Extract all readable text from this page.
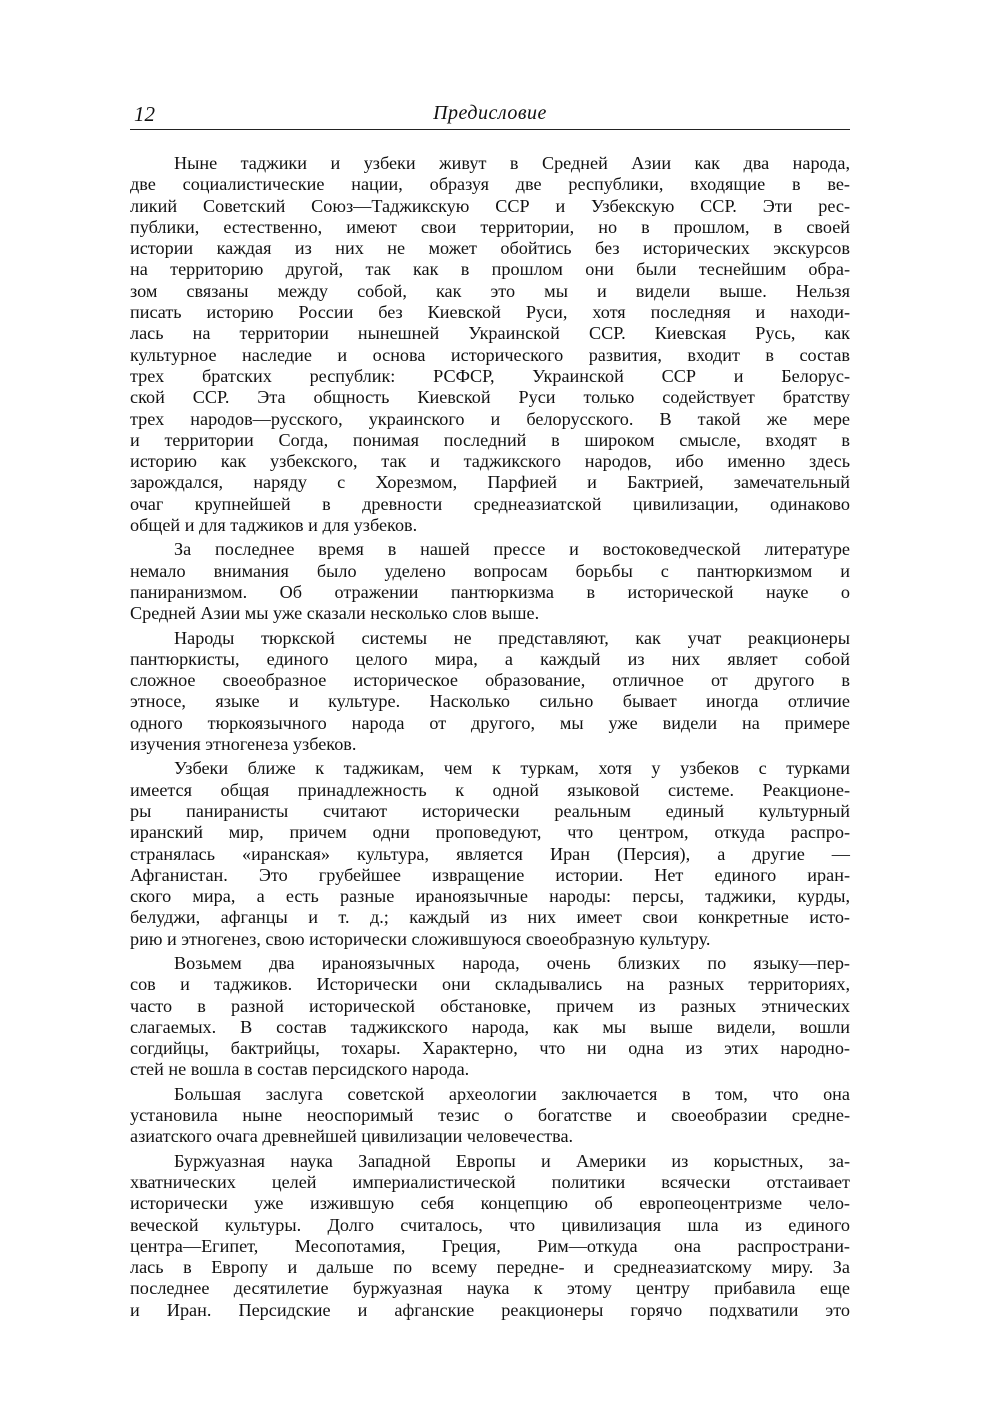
12	Предисловие
Ныне таджики и узбеки живут в Средней Азии как два народа,
две социалистические нации, образуя две республики, входящие в ве-
ликий Советский Союз—Таджикскую ССР и Узбекскую ССР. Эти рес-
публики, естественно, имеют свои территории, но в прошлом, в своей
истории каждая из них не может обойтись без исторических экскурсов
на территорию другой, так как в прошлом они были теснейшим обра-
зом связаны между собой, как это мы и видели выше. Нельзя
писать историю России без Киевской Руси, хотя последняя и находи-
лась на территории нынешней Украинской ССР. Киевская Русь, как
культурное наследие и основа исторического развития, входит в состав
трех братских республик: РСФСР, Украинской ССР и Белорус-
ской ССР. Эта общность Киевской Руси только содействует братству
трех народов—русского, украинского и белорусского. В такой же мере
и территории Согда, понимая последний в широком смысле, входят в
историю как узбекского, так и таджикского народов, ибо именно здесь
зарождался, наряду с Хорезмом, Парфией и Бактрией, замечательный
очаг крупнейшей в древности среднеазиатской цивилизации, одинаково
общей и для таджиков и для узбеков.
За последнее время в нашей прессе и востоковедческой литературе
немало внимания было уделено вопросам борьбы с пантюркизмом и
паниранизмом. Об отражении пантюркизма в исторической науке о
Средней Азии мы уже сказали несколько слов выше.
Народы тюркской системы не представляют, как учат реакционеры
пантюркисты, единого целого мира, а каждый из них являет собой
сложное своеобразное историческое образование, отличное от другого в
этносе, языке и культуре. Насколько сильно бывает иногда отличие
одного тюркоязычного народа от другого, мы уже видели на примере
изучения этногенеза узбеков.
Узбеки ближе к таджикам, чем к туркам, хотя у узбеков с турками
имеется общая принадлежность к одной языковой системе. Реакционе-
ры паниранисты считают исторически реальным единый культурный
иранский мир, причем одни проповедуют, что центром, откуда распро-
странялась «иранская» культура, является Иран (Персия), а другие —
Афганистан. Это грубейшее извращение истории. Нет единого иран-
ского мира, а есть разные ираноязычные народы: персы, таджики, курды,
белуджи, афганцы и т. д.; каждый из них имеет свои конкретные исто-
рию и этногенез, свою исторически сложившуюся своеобразную культуру.
Возьмем два ираноязычных народа, очень близких по языку—пер-
сов и таджиков. Исторически они складывались на разных территориях,
часто в разной исторической обстановке, причем из разных этнических
слагаемых. В состав таджикского народа, как мы выше видели, вошли
согдийцы, бактрийцы, тохары. Характерно, что ни одна из этих народно-
стей не вошла в состав персидского народа.
Большая заслуга советской археологии заключается в том, что она
установила ныне неоспоримый тезис о богатстве и своеобразии средне-
азиатского очага древнейшей цивилизации человечества.
Буржуазная наука Западной Европы и Америки из корыстных, за-
хватнических целей империалистической политики всячески отстаивает
исторически уже изжившую себя концепцию об европеоцентризме чело-
веческой культуры. Долго считалось, что цивилизация шла из единого
центра—Египет, Месопотамия, Греция, Рим—откуда она распространи-
лась в Европу и дальше по всему передне- и среднеазиатскому миру. За
последнее десятилетие буржуазная наука к этому центру прибавила еще
и Иран. Персидские и афганские реакционеры горячо подхватили это
